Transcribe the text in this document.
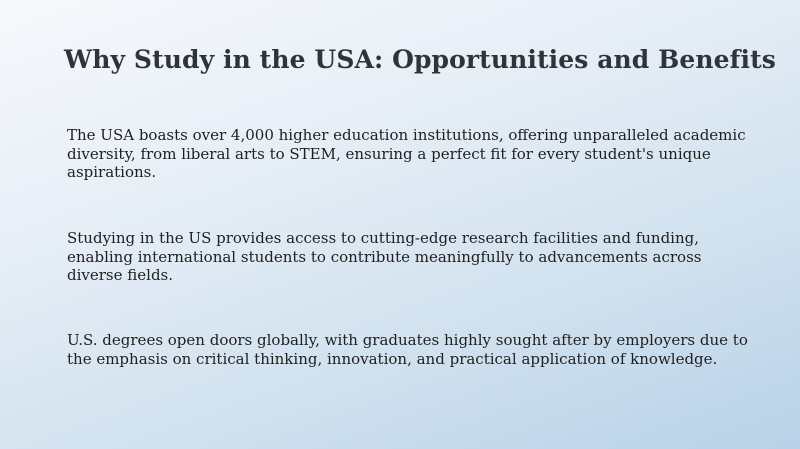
Why Study in the USA: Opportunities and Benefits

The USA boasts over 4,000 higher education institutions, offering unparalleled academic diversity, from liberal arts to STEM, ensuring a perfect fit for every student's unique aspirations.

Studying in the US provides access to cutting-edge research facilities and funding, enabling international students to contribute meaningfully to advancements across diverse fields.

U.S. degrees open doors globally, with graduates highly sought after by employers due to the emphasis on critical thinking, innovation, and practical application of knowledge.
